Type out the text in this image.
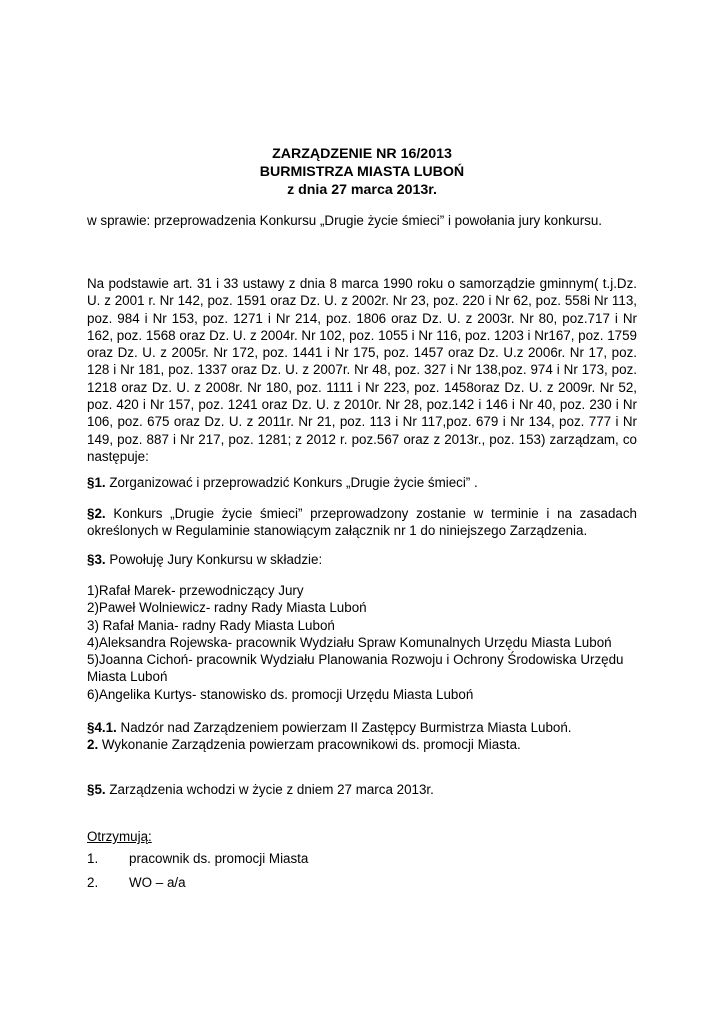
ZARZĄDZENIE NR 16/2013
BURMISTRZA MIASTA LUBOŃ
z dnia 27 marca 2013r.
w sprawie: przeprowadzenia Konkursu „Drugie życie śmieci” i powołania jury konkursu.
Na podstawie art. 31 i 33 ustawy z dnia 8 marca 1990 roku o samorządzie gminnym( t.j.Dz.
U. z 2001 r. Nr 142, poz. 1591 oraz Dz. U. z 2002r. Nr 23, poz. 220 i Nr 62, poz. 558i Nr 113,
poz. 984 i Nr 153, poz. 1271 i Nr 214, poz. 1806 oraz Dz. U. z 2003r. Nr 80, poz.717 i Nr
162, poz. 1568 oraz Dz. U. z 2004r. Nr 102, poz. 1055 i Nr 116, poz. 1203 i Nr167, poz. 1759
oraz Dz. U. z 2005r. Nr 172, poz. 1441 i Nr 175, poz. 1457 oraz Dz. U.z 2006r. Nr 17, poz.
128 i Nr 181, poz. 1337 oraz Dz. U. z 2007r. Nr 48, poz. 327 i Nr 138,poz. 974 i Nr 173, poz.
1218 oraz Dz. U. z 2008r. Nr 180, poz. 1111 i Nr 223, poz. 1458oraz Dz. U. z 2009r. Nr 52,
poz. 420 i Nr 157, poz. 1241 oraz Dz. U. z 2010r. Nr 28, poz.142 i 146 i Nr 40, poz. 230 i Nr
106, poz. 675 oraz Dz. U. z 2011r. Nr 21, poz. 113 i Nr 117,poz. 679 i Nr 134, poz. 777 i Nr
149, poz. 887 i Nr 217, poz. 1281; z 2012 r. poz.567 oraz z 2013r., poz. 153) zarządzam, co
następuje:
§1. Zorganizować i przeprowadzić Konkurs „Drugie życie śmieci” .
§2. Konkurs „Drugie życie śmieci” przeprowadzony zostanie w terminie i na zasadach
określonych w Regulaminie stanowiącym załącznik nr 1 do niniejszego Zarządzenia.
§3. Powołuję Jury Konkursu w składzie:
1)Rafał Marek- przewodniczący Jury
2)Paweł Wolniewicz- radny Rady Miasta Luboń
3) Rafał Mania- radny Rady Miasta Luboń
4)Aleksandra Rojewska- pracownik Wydziału Spraw Komunalnych Urzędu Miasta Luboń
5)Joanna Cichoń- pracownik Wydziału Planowania Rozwoju i Ochrony Środowiska Urzędu
Miasta Luboń
6)Angelika Kurtys- stanowisko ds. promocji Urzędu Miasta Luboń
§4.1. Nadzór nad Zarządzeniem powierzam II Zastępcy Burmistrza Miasta Luboń.
2. Wykonanie Zarządzenia powierzam pracownikowi ds. promocji Miasta.
§5. Zarządzenia wchodzi w życie z dniem 27 marca 2013r.
Otrzymują:
1.	pracownik ds. promocji Miasta
2.	WO – a/a
